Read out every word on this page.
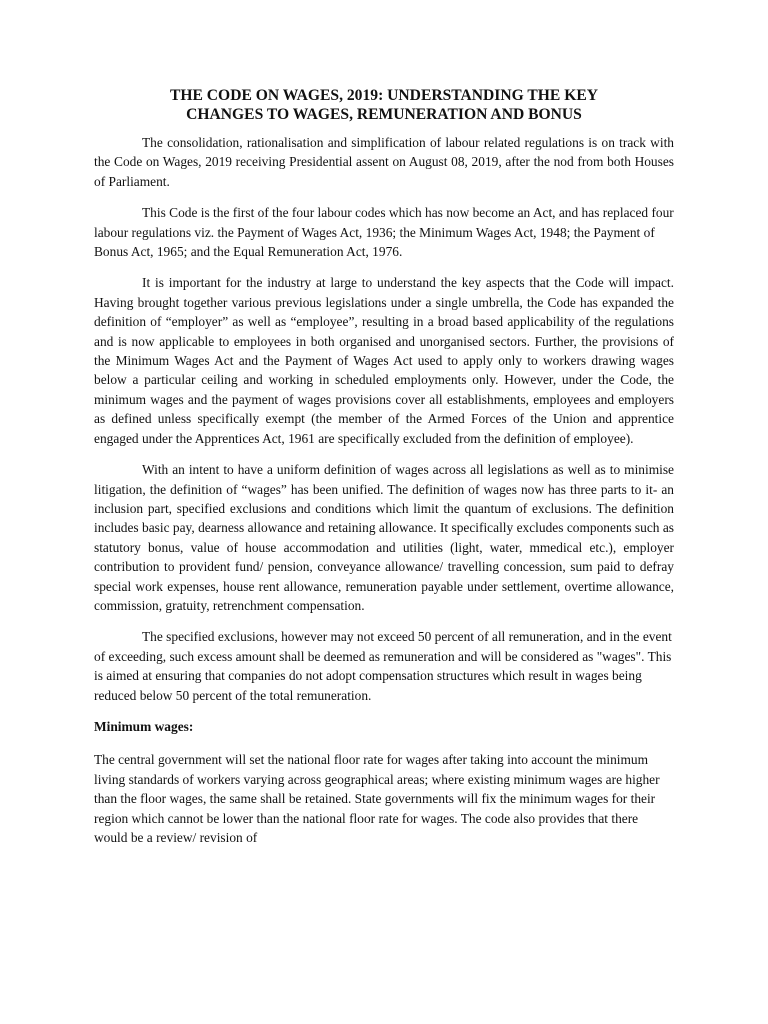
THE CODE ON WAGES, 2019: UNDERSTANDING THE KEY
CHANGES TO WAGES, REMUNERATION AND BONUS

The consolidation, rationalisation and simplification of labour related regulations is on track with the Code on Wages, 2019 receiving Presidential assent on August 08, 2019, after the nod from both Houses of Parliament.

This Code is the first of the four labour codes which has now become an Act, and has replaced four labour regulations viz. the Payment of Wages Act, 1936; the Minimum Wages Act, 1948; the Payment of Bonus Act, 1965; and the Equal Remuneration Act, 1976.

It is important for the industry at large to understand the key aspects that the Code will impact. Having brought together various previous legislations under a single umbrella, the Code has expanded the definition of “employer” as well as “employee”, resulting in a broad based applicability of the regulations and is now applicable to employees in both organised and unorganised sectors. Further, the provisions of the Minimum Wages Act and the Payment of Wages Act used to apply only to workers drawing wages below a particular ceiling and working in scheduled employments only. However, under the Code, the minimum wages and the payment of wages provisions cover all establishments, employees and employers as defined unless specifically exempt (the member of the Armed Forces of the Union and apprentice engaged under the Apprentices Act, 1961 are specifically excluded from the definition of employee).

With an intent to have a uniform definition of wages across all legislations as well as to minimise litigation, the definition of “wages” has been unified. The definition of wages now has three parts to it- an inclusion part, specified exclusions and conditions which limit the quantum of exclusions. The definition includes basic pay, dearness allowance and retaining allowance. It specifically excludes components such as statutory bonus, value of house accommodation and utilities (light, water, mmedical etc.), employer contribution to provident fund/ pension, conveyance allowance/ travelling concession, sum paid to defray special work expenses, house rent allowance, remuneration payable under settlement, overtime allowance, commission, gratuity, retrenchment compensation.

The specified exclusions, however may not exceed 50 percent of all remuneration, and in the event of exceeding, such excess amount shall be deemed as remuneration and will be considered as "wages". This is aimed at ensuring that companies do not adopt compensation structures which result in wages being reduced below 50 percent of the total remuneration.

Minimum wages:

The central government will set the national floor rate for wages after taking into account the minimum living standards of workers varying across geographical areas; where existing minimum wages are higher than the floor wages, the same shall be retained. State governments will fix the minimum wages for their region which cannot be lower than the national floor rate for wages. The code also provides that there would be a review/ revision of
